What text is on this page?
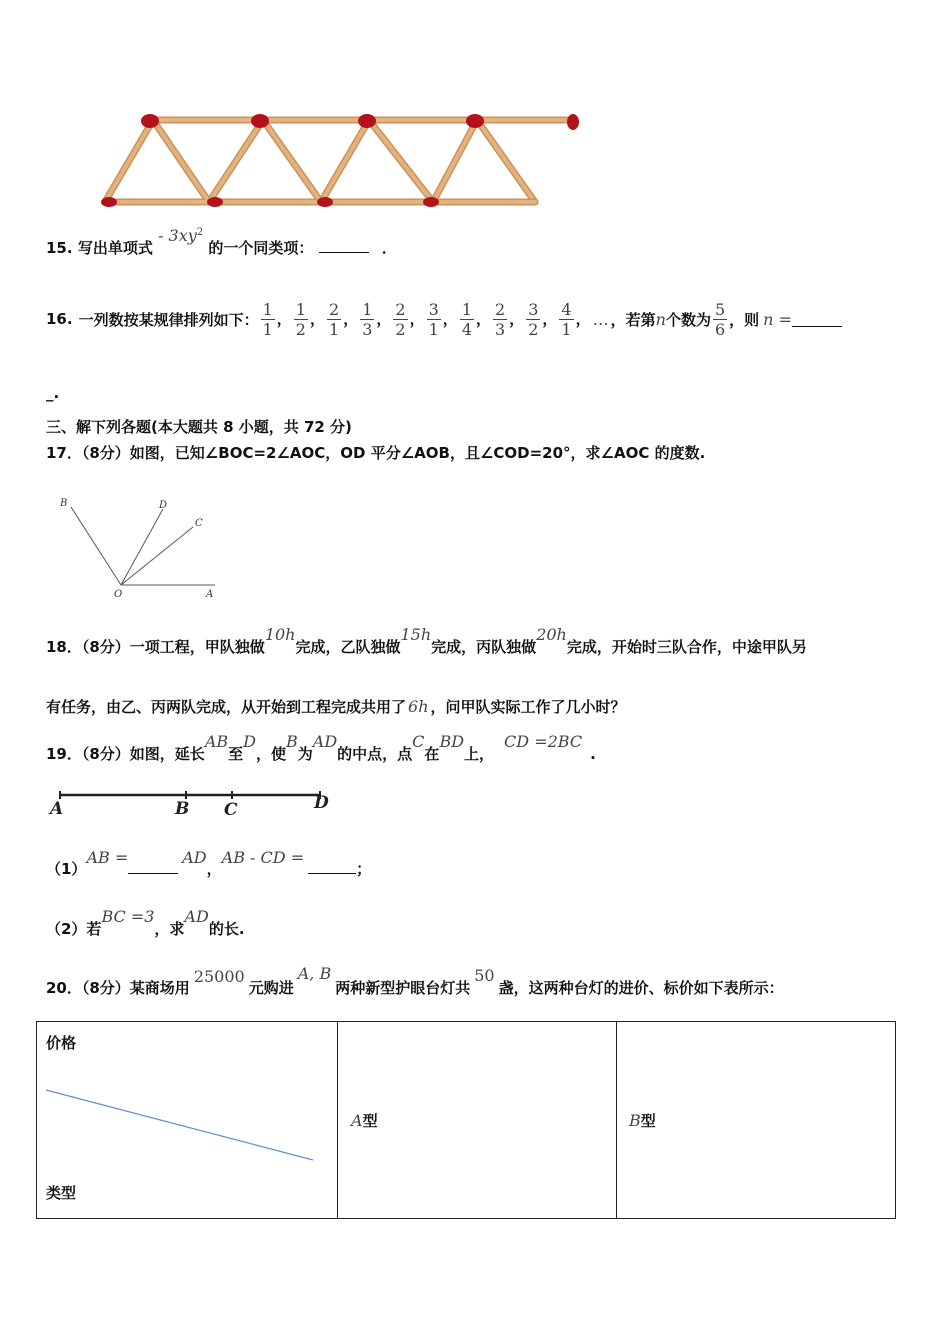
15. 写出单项式 - $3xy^2$ 的一个同类项：	．
16. 一列数按某规律排列如下： $\frac{1}{1}$ ， $\frac{1}{2}$ ， $\frac{2}{1}$ ， $\frac{1}{3}$ ， $\frac{2}{2}$ ， $\frac{3}{1}$ ， $\frac{1}{4}$ ， $\frac{2}{3}$ ， $\frac{3}{2}$ ， $\frac{4}{1}$ ， … ，若第 n 个数为 $\frac{5}{6}$ ，则 n =
_.
三、解下列各题(本大题共 8 小题，共 72 分)
17．（8分）如图，已知∠BOC=2∠AOC，OD 平分∠AOB，且∠COD=20°，求∠AOC 的度数.
B	D
C
O	A
18．（8分）一项工程，甲队独做10h完成，乙队独做15h完成，丙队独做20h完成，开始时三队合作，中途甲队另
有任务，由乙、丙两队完成，从开始到工程完成共用了 6h ，问甲队实际工作了几小时？
19．（8分）如图，延长AB至D，使B为AD的中点，点C在BD上，CD =2BC.
A	B C	D
（1）AB =	AD，AB - CD =；
（2）若BC =3，求AD的长.
20．（8分）某商场用25000元购进A, B两种新型护眼台灯共50盏，这两种台灯的进价、标价如下表所示：
价格
类型
	A型	B型
